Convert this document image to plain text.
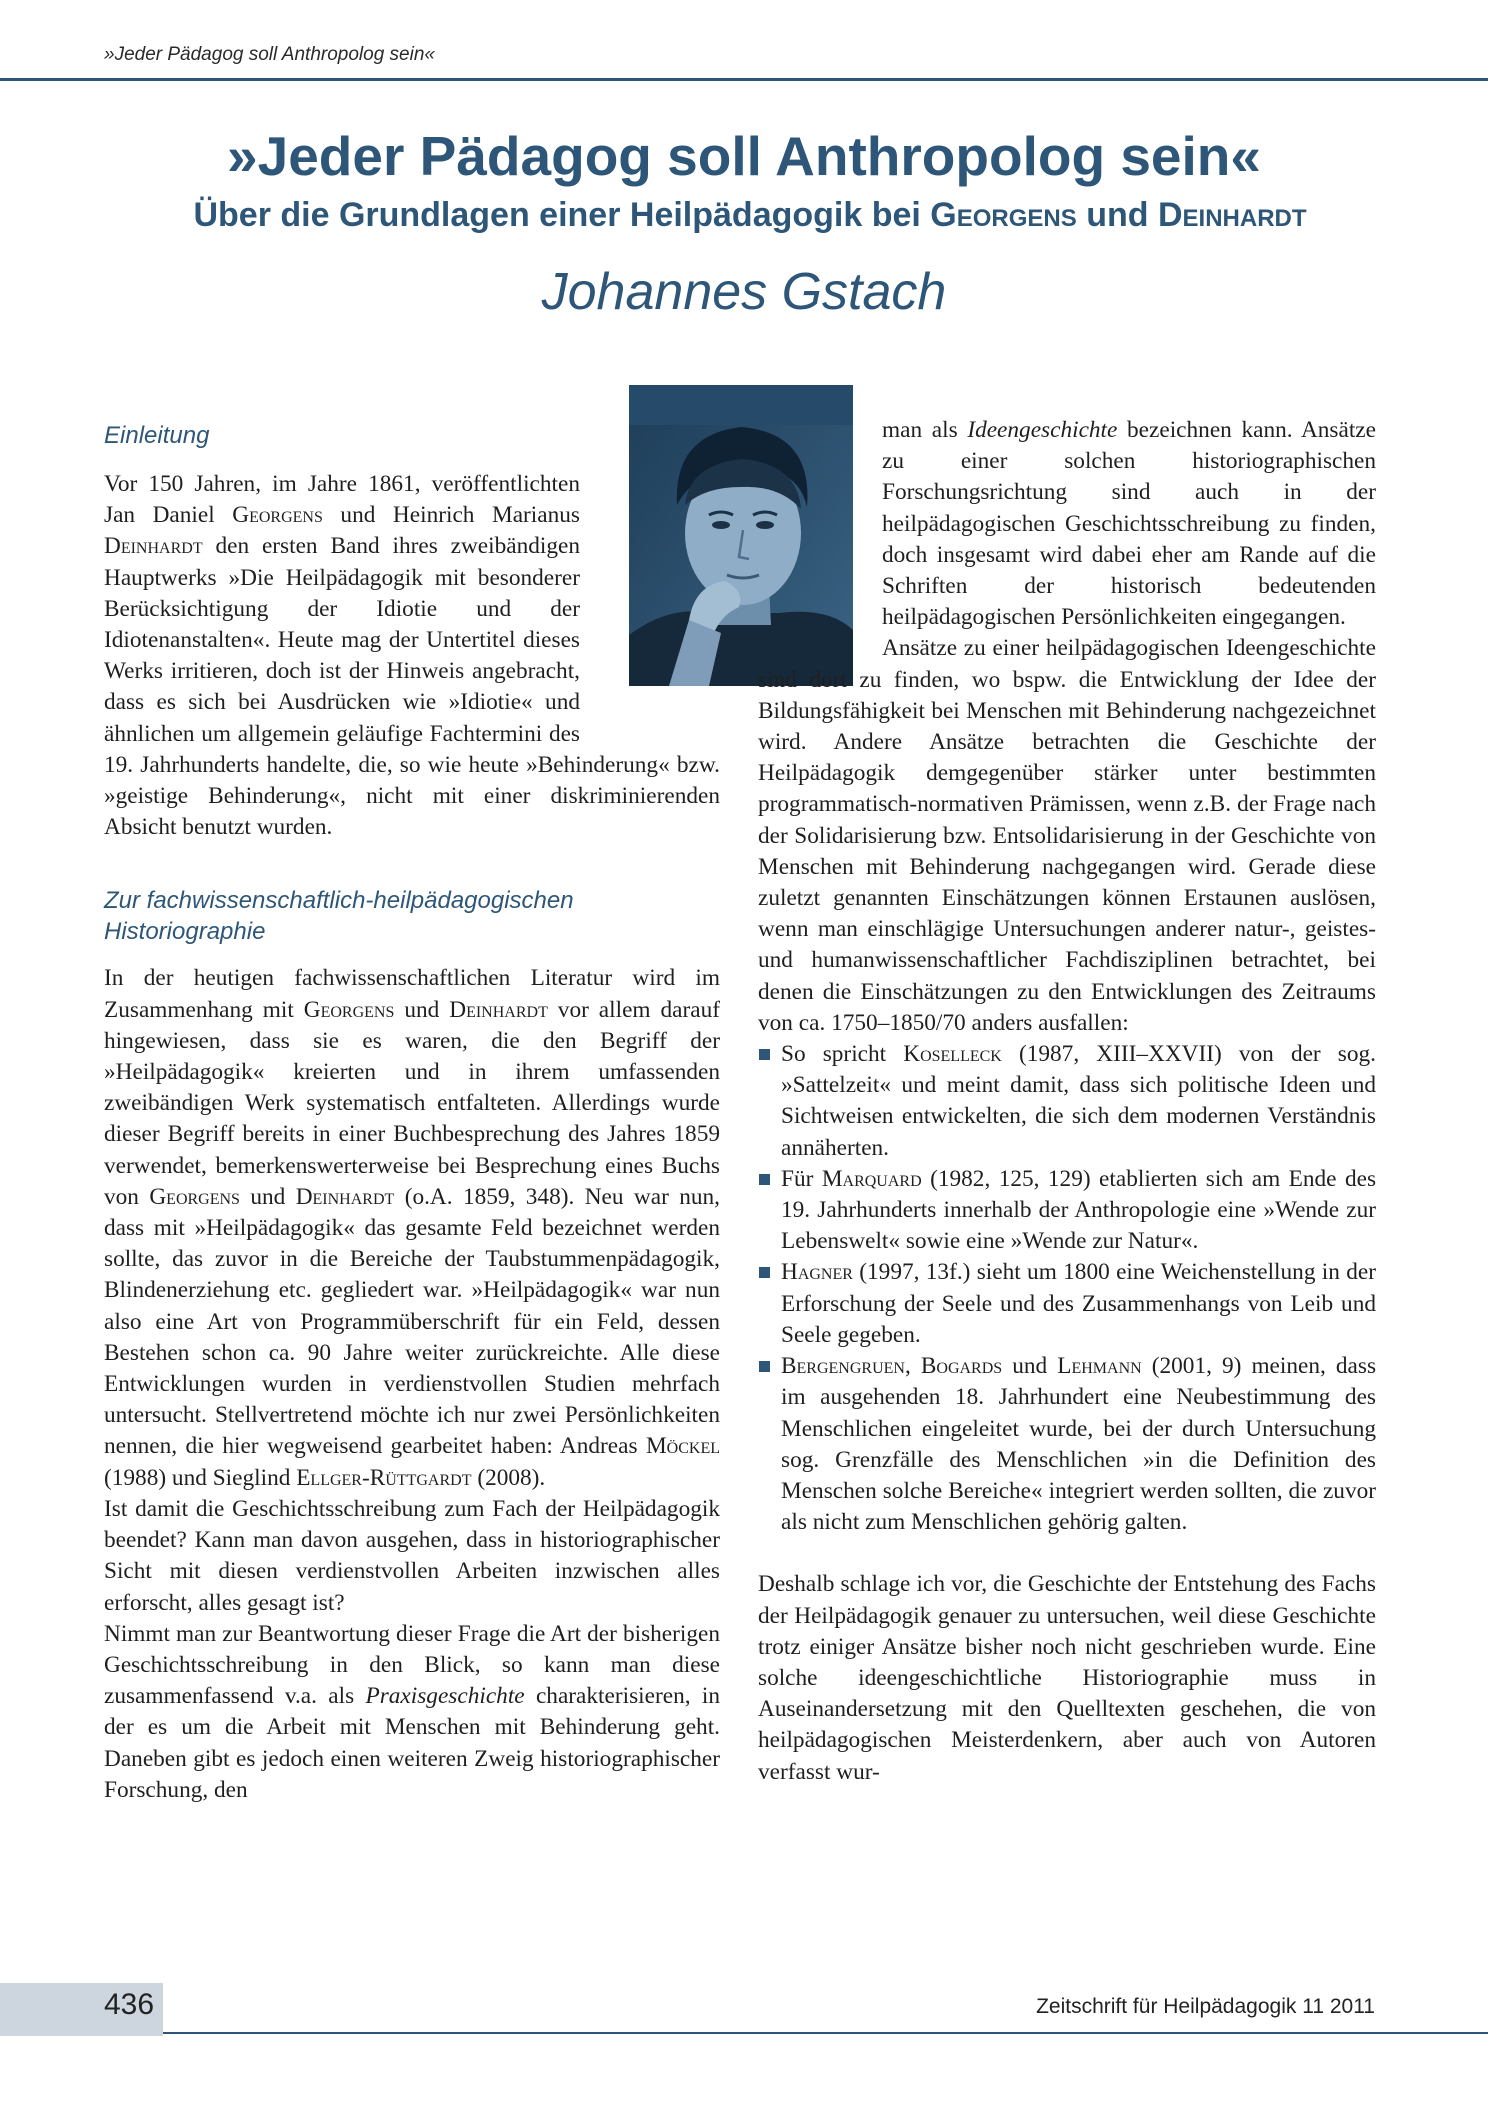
»Jeder Pädagog soll Anthropolog sein«
»Jeder Pädagog soll Anthropolog sein«
Über die Grundlagen einer Heilpädagogik bei Georgens und Deinhardt
Johannes Gstach
Einleitung

Vor 150 Jahren, im Jahre 1861, veröffentlichten Jan Daniel Georgens und Heinrich Marianus Deinhardt den ersten Band ihres zweibändigen Hauptwerks »Die Heilpädagogik mit besonderer Berücksichtigung der Idiotie und der Idiotenanstalten«. Heute mag der Untertitel dieses Werks irritieren, doch ist der Hinweis angebracht, dass es sich bei Ausdrücken wie »Idiotie« und ähnlichen um allgemein geläufige Fachtermini des 19. Jahrhunderts handelte, die, so wie heute »Behinderung« bzw. »geistige Behinderung«, nicht mit einer diskriminierenden Absicht benutzt wurden.

Zur fachwissenschaftlich-heilpädagogischen Historiographie

In der heutigen fachwissenschaftlichen Literatur wird im Zusammenhang mit Georgens und Deinhardt vor allem darauf hingewiesen, dass sie es waren, die den Begriff der »Heilpädagogik« kreierten und in ihrem umfassenden zweibändigen Werk systematisch entfalteten. Allerdings wurde dieser Begriff bereits in einer Buchbesprechung des Jahres 1859 verwendet, bemerkenswerterweise bei Besprechung eines Buchs von Georgens und Deinhardt (o.A. 1859, 348). Neu war nun, dass mit »Heilpädagogik« das gesamte Feld bezeichnet werden sollte, das zuvor in die Bereiche der Taubstummenpädagogik, Blindenerziehung etc. gegliedert war. »Heilpädagogik« war nun also eine Art von Programmüberschrift für ein Feld, dessen Bestehen schon ca. 90 Jahre weiter zurückreichte. Alle diese Entwicklungen wurden in verdienstvollen Studien mehrfach untersucht. Stellvertretend möchte ich nur zwei Persönlichkeiten nennen, die hier wegweisend gearbeitet haben: Andreas Möckel (1988) und Sieglind Ellger-Rüttgardt (2008).

Ist damit die Geschichtsschreibung zum Fach der Heilpädagogik beendet? Kann man davon ausgehen, dass in historiographischer Sicht mit diesen verdienstvollen Arbeiten inzwischen alles erforscht, alles gesagt ist?

Nimmt man zur Beantwortung dieser Frage die Art der bisherigen Geschichtsschreibung in den Blick, so kann man diese zusammenfassend v.a. als Praxisgeschichte charakterisieren, in der es um die Arbeit mit Menschen mit Behinderung geht. Daneben gibt es jedoch einen weiteren Zweig historiographischer Forschung, den

man als Ideengeschichte bezeichnen kann. Ansätze zu einer solchen historiographischen Forschungsrichtung sind auch in der heilpädagogischen Geschichtsschreibung zu finden, doch insgesamt wird dabei eher am Rande auf die Schriften der historisch bedeutenden heilpädagogischen Persönlichkeiten eingegangen.

Ansätze zu einer heilpädagogischen Ideengeschichte sind dort zu finden, wo bspw. die Entwicklung der Idee der Bildungsfähigkeit bei Menschen mit Behinderung nachgezeichnet wird. Andere Ansätze betrachten die Geschichte der Heilpädagogik demgegenüber stärker unter bestimmten programmatisch-normativen Prämissen, wenn z.B. der Frage nach der Solidarisierung bzw. Entsolidarisierung in der Geschichte von Menschen mit Behinderung nachgegangen wird. Gerade diese zuletzt genannten Einschätzungen können Erstaunen auslösen, wenn man einschlägige Untersuchungen anderer natur-, geistes- und humanwissenschaftlicher Fachdisziplinen betrachtet, bei denen die Einschätzungen zu den Entwicklungen des Zeitraums von ca. 1750–1850/70 anders ausfallen:

So spricht Koselleck (1987, XIII–XXVII) von der sog. »Sattelzeit« und meint damit, dass sich politische Ideen und Sichtweisen entwickelten, die sich dem modernen Verständnis annäherten.
Für Marquard (1982, 125, 129) etablierten sich am Ende des 19. Jahrhunderts innerhalb der Anthropologie eine »Wende zur Lebenswelt« sowie eine »Wende zur Natur«.
Hagner (1997, 13f.) sieht um 1800 eine Weichenstellung in der Erforschung der Seele und des Zusammenhangs von Leib und Seele gegeben.
Bergengruen, Bogards und Lehmann (2001, 9) meinen, dass im ausgehenden 18. Jahrhundert eine Neubestimmung des Menschlichen eingeleitet wurde, bei der durch Untersuchung sog. Grenzfälle des Menschlichen »in die Definition des Menschen solche Bereiche« integriert werden sollten, die zuvor als nicht zum Menschlichen gehörig galten.

Deshalb schlage ich vor, die Geschichte der Entstehung des Fachs der Heilpädagogik genauer zu untersuchen, weil diese Geschichte trotz einiger Ansätze bisher noch nicht geschrieben wurde. Eine solche ideengeschichtliche Historiographie muss in Auseinandersetzung mit den Quelltexten geschehen, die von heilpädagogischen Meisterdenkern, aber auch von Autoren verfasst wur-

436	Zeitschrift für Heilpädagogik 11 2011
